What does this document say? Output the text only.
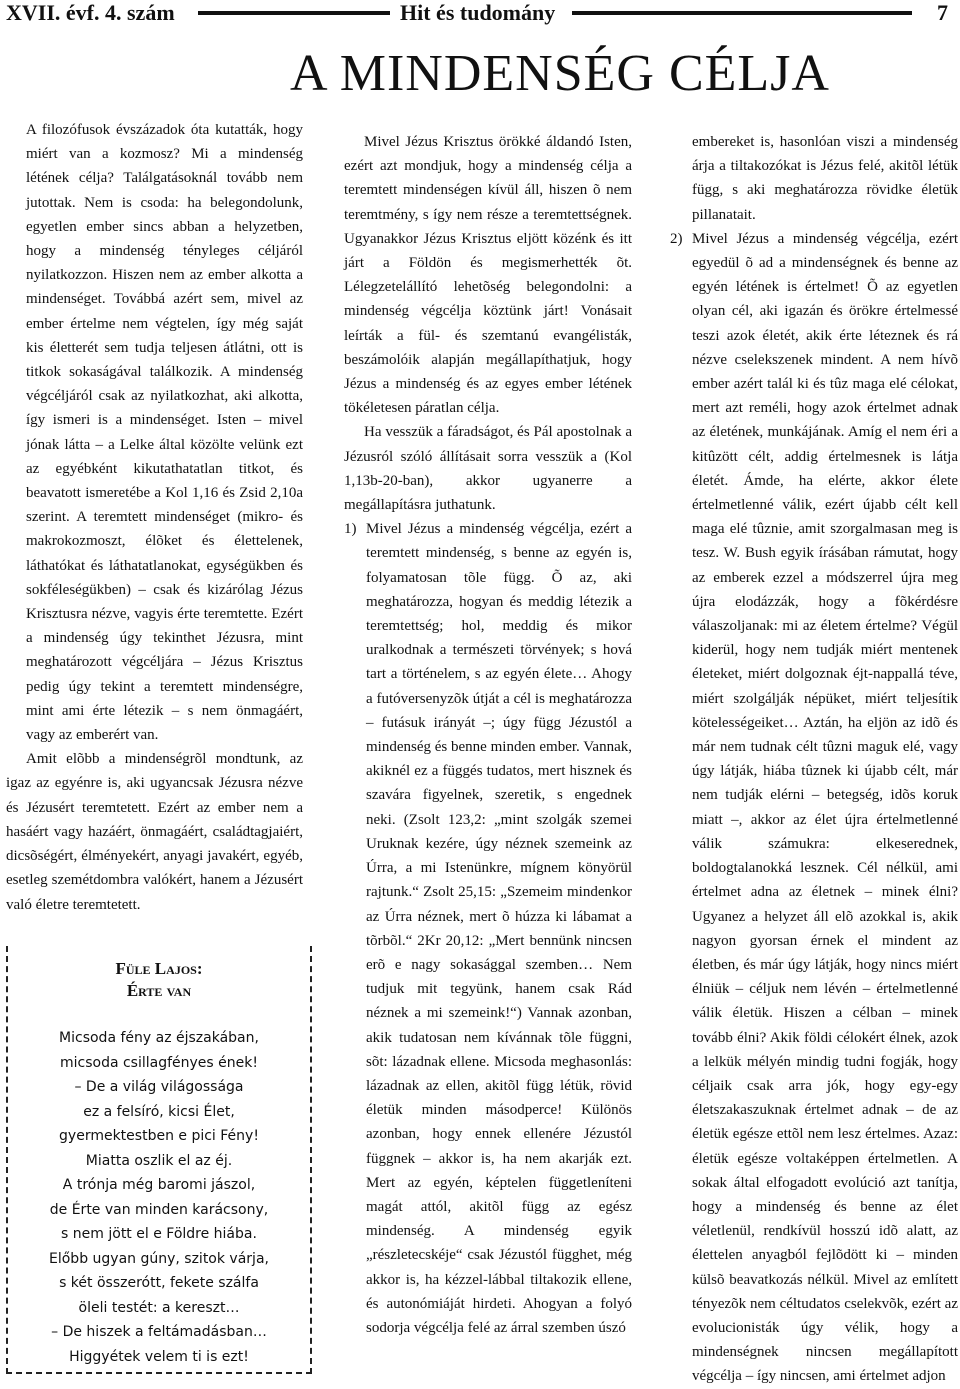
XVII. évf. 4. szám	Hit és tudomány	7
A MINDENSÉG CÉLJA

A filozófusok évszázadok óta kutatták, hogy miért van a kozmosz? Mi a mindenség létének célja? Találgatásoknál tovább nem jutottak. Nem is csoda: ha belegondolunk, egyetlen ember sincs abban a helyzetben, hogy a mindenség tényleges céljáról nyilatkozzon. Hiszen nem az ember alkotta a mindenséget. Továbbá azért sem, mivel az ember értelme nem végtelen, így még saját kis életterét sem tudja teljesen átlátni, ott is titkok sokaságával találkozik. A mindenség végcéljáról csak az nyilatkozhat, aki alkotta, így ismeri is a mindenséget. Isten – mivel jónak látta – a Lelke által közölte velünk ezt az egyébként kikutathatatlan titkot, és beavatott ismeretébe a Kol 1,16 és Zsid 2,10a szerint. A teremtett mindenséget (mikro- és makrokozmoszt, élõket és élettelenek, láthatókat és láthatatlanokat, egységükben és sokféleségükben) – csak és kizárólag Jézus Krisztusra nézve, vagyis érte teremtette. Ezért a mindenség úgy tekinthet Jézusra, mint meghatározott végcéljára – Jézus Krisztus pedig úgy tekint a teremtett mindenségre, mint ami érte létezik – s nem önmagáért, vagy az emberért van.

Amit elõbb a mindenségrõl mondtunk, az igaz az egyénre is, aki ugyancsak Jézusra nézve és Jézusért teremtetett. Ezért az ember nem a hasáért vagy hazáért, önmagáért, családtagjaiért, dicsõségért, élményekért, anyagi javakért, egyéb, esetleg szemétdombra valókért, hanem a Jézusért való életre teremtetett.

Füle Lajos:
Érte van
Micsoda fény az éjszakában,
micsoda csillagfényes ének!
– De a világ világossága
ez a felsíró, kicsi Élet,
gyermektestben e pici Fény!
Miatta oszlik el az éj.
A trónja még baromi jászol,
de Érte van minden karácsony,
s nem jött el e Földre hiába.
Előbb ugyan gúny, szitok várja,
s két összerótt, fekete szálfa
öleli testét: a kereszt…
– De hiszek a feltámadásban…
Higgyétek velem ti is ezt!

Mivel Jézus Krisztus örökké áldandó Isten, ezért azt mondjuk, hogy a mindenség célja a teremtett mindenségen kívül áll, hiszen õ nem teremtmény, s így nem része a teremtettségnek. Ugyanakkor Jézus Krisztus eljött közénk és itt járt a Földön és megismerhették õt. Lélegzetelállító lehetõség belegondolni: a mindenség végcélja köztünk járt! Vonásait leírták a fül- és szemtanú evangélisták, beszámolóik alapján megállapíthatjuk, hogy Jézus a mindenség és az egyes ember létének tökéletesen páratlan célja.

Ha vesszük a fáradságot, és Pál apostolnak a Jézusról szóló állításait sorra vesszük a (Kol 1,13b-20-ban), akkor ugyanerre a megállapításra juthatunk.

1) Mivel Jézus a mindenség végcélja, ezért a teremtett mindenség, s benne az egyén is, folyamatosan tõle függ. Õ az, aki meghatározza, hogyan és meddig létezik a teremtettség; hol, meddig és mikor uralkodnak a természeti törvények; s hová tart a történelem, s az egyén élete… Ahogy a futóversenyzõk útját a cél is meghatározza – futásuk irányát –; úgy függ Jézustól a mindenség és benne minden ember. Vannak, akiknél ez a függés tudatos, mert hisznek és szavára figyelnek, szeretik, s engednek neki. (Zsolt 123,2: „mint szolgák szemei Uruknak kezére, úgy néznek szemeink az Úrra, a mi Istenünkre, mígnem könyörül rajtunk.“ Zsolt 25,15: „Szemeim mindenkor az Úrra néznek, mert õ húzza ki lábamat a tõrbõl.“ 2Kr 20,12: „Mert bennünk nincsen erõ e nagy sokasággal szemben… Nem tudjuk mit tegyünk, hanem csak Rád néznek a mi szemeink!“) Vannak azonban, akik tudatosan nem kívánnak tõle függni, sõt: lázadnak ellene. Micsoda meghasonlás: lázadnak az ellen, akitõl függ létük, rövid életük minden másodperce! Különös azonban, hogy ennek ellenére Jézustól függnek – akkor is, ha nem akarják ezt. Mert az egyén, képtelen függetleníteni magát attól, akitõl függ az egész mindenség. A mindenség egyik „részletecskéje“ csak Jézustól függhet, még akkor is, ha kézzel-lábbal tiltakozik ellene, és autonómiáját hirdeti. Ahogyan a folyó sodorja végcélja felé az árral szemben úszó
embereket is, hasonlóan viszi a mindenség árja a tiltakozókat is Jézus felé, akitõl létük függ, s aki meghatározza rövidke életük pillanatait.
2) Mivel Jézus a mindenség végcélja, ezért egyedül õ ad a mindenségnek és benne az egyén létének is értelmet! Õ az egyetlen olyan cél, aki igazán és örökre értelmessé teszi azok életét, akik érte léteznek és rá nézve cselekszenek mindent. A nem hívõ ember azért talál ki és tûz maga elé célokat, mert azt reméli, hogy azok értelmet adnak az életének, munkájának. Amíg el nem éri a kitûzött célt, addig értelmesnek is látja életét. Ámde, ha elérte, akkor élete értelmetlenné válik, ezért újabb célt kell maga elé tûznie, amit szorgalmasan meg is tesz. W. Bush egyik írásában rámutat, hogy az emberek ezzel a módszerrel újra meg újra elodázzák, hogy a fõkérdésre válaszoljanak: mi az életem értelme? Végül kiderül, hogy nem tudják miért mentenek életeket, miért dolgoznak éjt-nappallá téve, miért szolgálják népüket, miért teljesítik kötelességeiket… Aztán, ha eljön az idõ és már nem tudnak célt tûzni maguk elé, vagy úgy látják, hiába tûznek ki újabb célt, már nem tudják elérni – betegség, idõs koruk miatt –, akkor az élet újra értelmetlenné válik számukra: elkeserednek, boldogtalanokká lesznek. Cél nélkül, ami értelmet adna az életnek – minek élni? Ugyanez a helyzet áll elõ azokkal is, akik nagyon gyorsan érnek el mindent az életben, és már úgy látják, hogy nincs miért élniük – céljuk nem lévén – értelmetlenné válik életük. Hiszen a célban – minek tovább élni? Akik földi célokért élnek, azok a lelkük mélyén mindig tudni fogják, hogy céljaik csak arra jók, hogy egy-egy életszakaszuknak értelmet adnak – de az életük egésze ettõl nem lesz értelmes. Azaz: életük egésze voltaképpen értelmetlen. A sokak által elfogadott evolúció azt tanítja, hogy a mindenség és benne az élet véletlenül, rendkívül hosszú idõ alatt, az élettelen anyagból fejlõdött ki – minden külsõ beavatkozás nélkül. Mivel az említett tényezõk nem céltudatos cselekvõk, ezért az evolucionisták úgy vélik, hogy a mindenségnek nincsen megállapított végcélja – így nincsen, ami értelmet adjon
